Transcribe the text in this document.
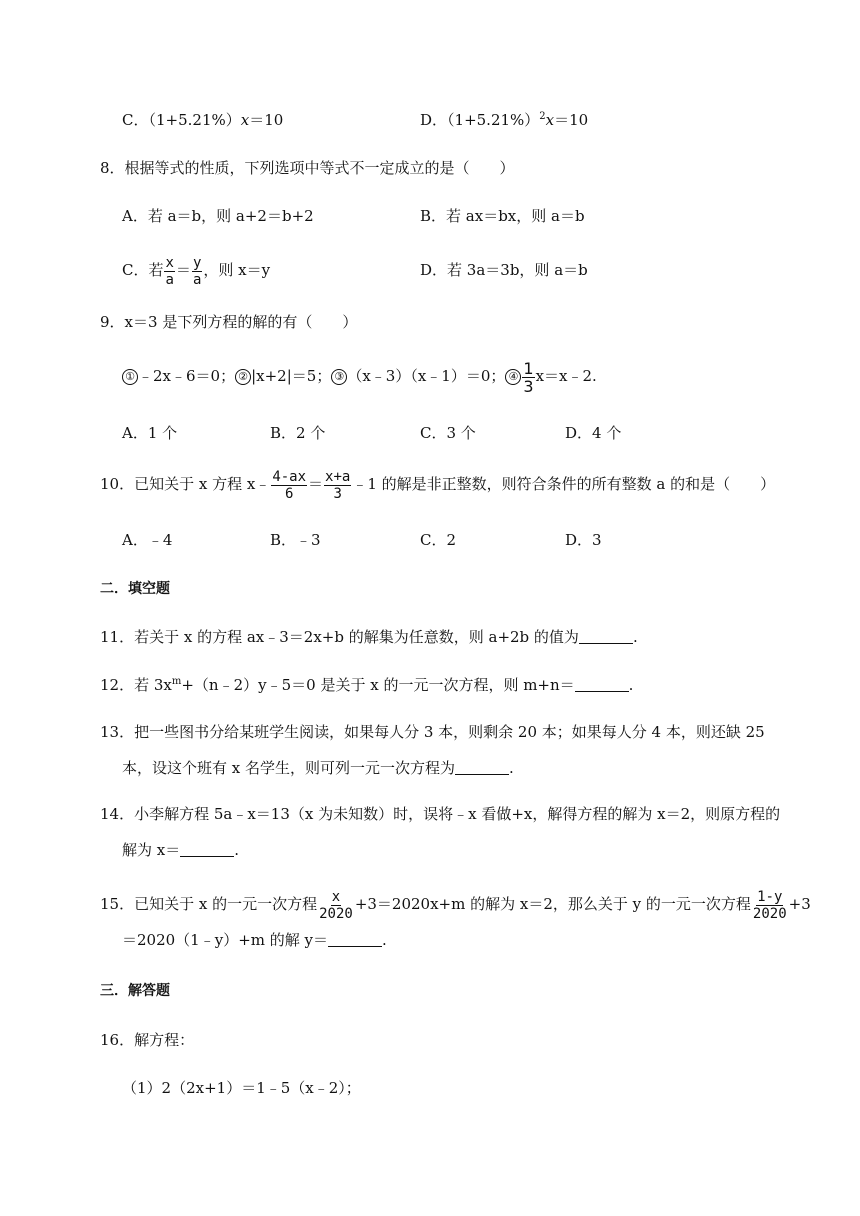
C．（1+5.21%）x＝10	D．$(1+5.21\%)^2x=10$
8．根据等式的性质，下列选项中等式不一定成立的是（　　）
A．若 a＝b，则 a+2＝b+2	B．若 ax＝bx，则 a＝b
C．若 $\frac{x}{a} = \frac{y}{a}$ ，则 x＝y	D．若 3a＝3b，则 a＝b
9．x＝3 是下列方程的解的有（　　）
① ﹣2x﹣6＝0； ② |x+2|＝5； ③ （x﹣3）（x﹣1）＝0； ④ $\frac{1}{3}$ x＝x﹣2.
A．1 个	B．2 个	C．3 个	D．4 个
10．已知关于 x 方程 x﹣ $\frac{4-ax}{6} = \frac{x+a}{3}$ ﹣1 的解是非正整数，则符合条件的所有整数 a 的和是（　　）
A．﹣4	B．﹣3	C．2	D．3
二．填空题
11．若关于 x 的方程 ax﹣3＝2x+b 的解集为任意数，则 a+2b 的值为	.
12．若 $3x^m+(n﹣2)y﹣5=0$ 是关于 x 的一元一次方程，则 m+n＝	.
13．把一些图书分给某班学生阅读，如果每人分 3 本，则剩余 20 本；如果每人分 4 本，则还缺 25
本，设这个班有 x 名学生，则可列一元一次方程为	.
14．小李解方程 5a﹣x＝13（x 为未知数）时，误将﹣x 看做+x，解得方程的解为 x＝2，则原方程的
解为 x＝	.
15．已知关于 x 的一元一次方程 $\frac{x}{2020} +3=2020x+m$ 的解为 x＝2，那么关于 y 的一元一次方程 $\frac{1-y}{2020} +3$
＝2020（1﹣y）+m 的解 y＝	.
三．解答题
16．解方程：
（1）2（2x+1）＝1﹣5（x﹣2）；
